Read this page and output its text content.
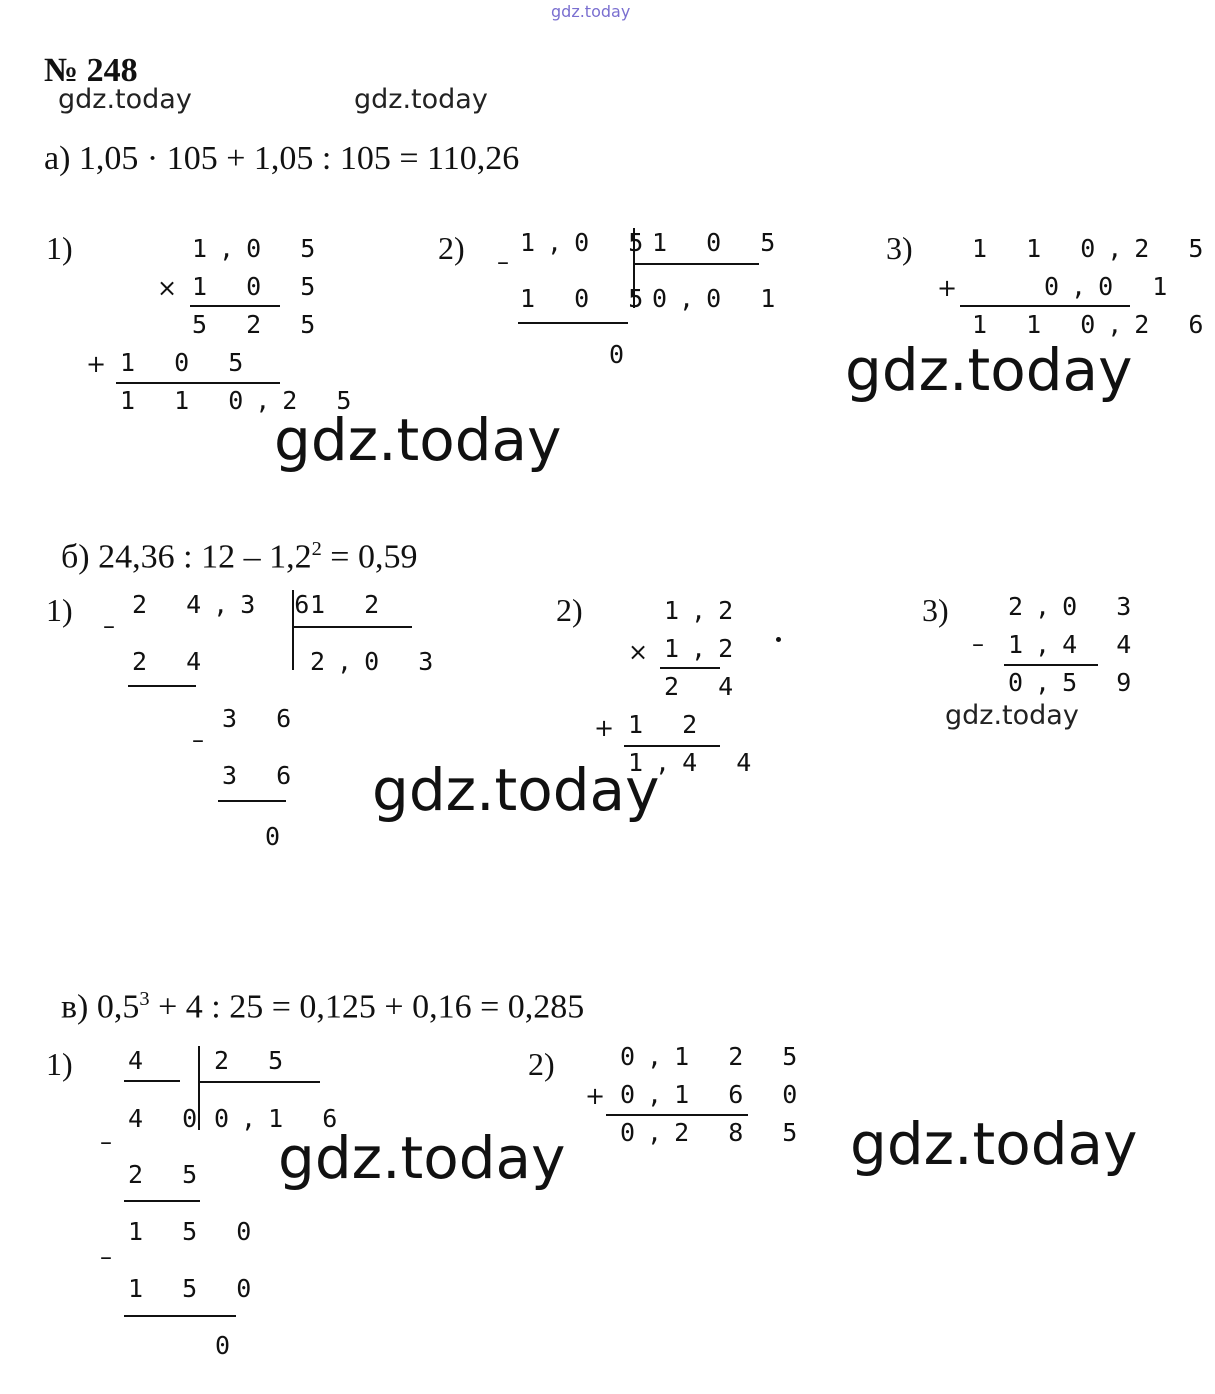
gdz.today
gdz.today	gdz.today
№ 248
а) 1,05 · 105 + 1,05 : 105 = 110,26
1)	1,0 5
× 1 0 5
5 2 5
+ 1 0 5
1 1 0,2 5
2) –
1,0 5
1 0 5
1 0 5
0,0 1
0
3) 1 1 0,2 5
+	0,0 1
1 1 0,2 6
gdz.today
gdz.today

б) 24,36 : $12 - 1,2^2 = 0,59$

1) –
2 4,3 6
1 2
2 4	2,0 3
–
3 6
3 6
0
2)	1,2
× 1,2
2 4
+ 1 2
1,4 4
3) 2,0 3
– 1,4 4
0,5 9
gdz.today
gdz.today

в) $0,5^3 + 4$ : 25 = 0,125 + 0,16 = 0,285

1) 4 2 5
4 0 0,1 6
–
2 5
1 5 0
–
1 5 0
0
2)	0,1 2 5
+ 0,1 6 0
0,2 8 5
gdz.today	gdz.today
